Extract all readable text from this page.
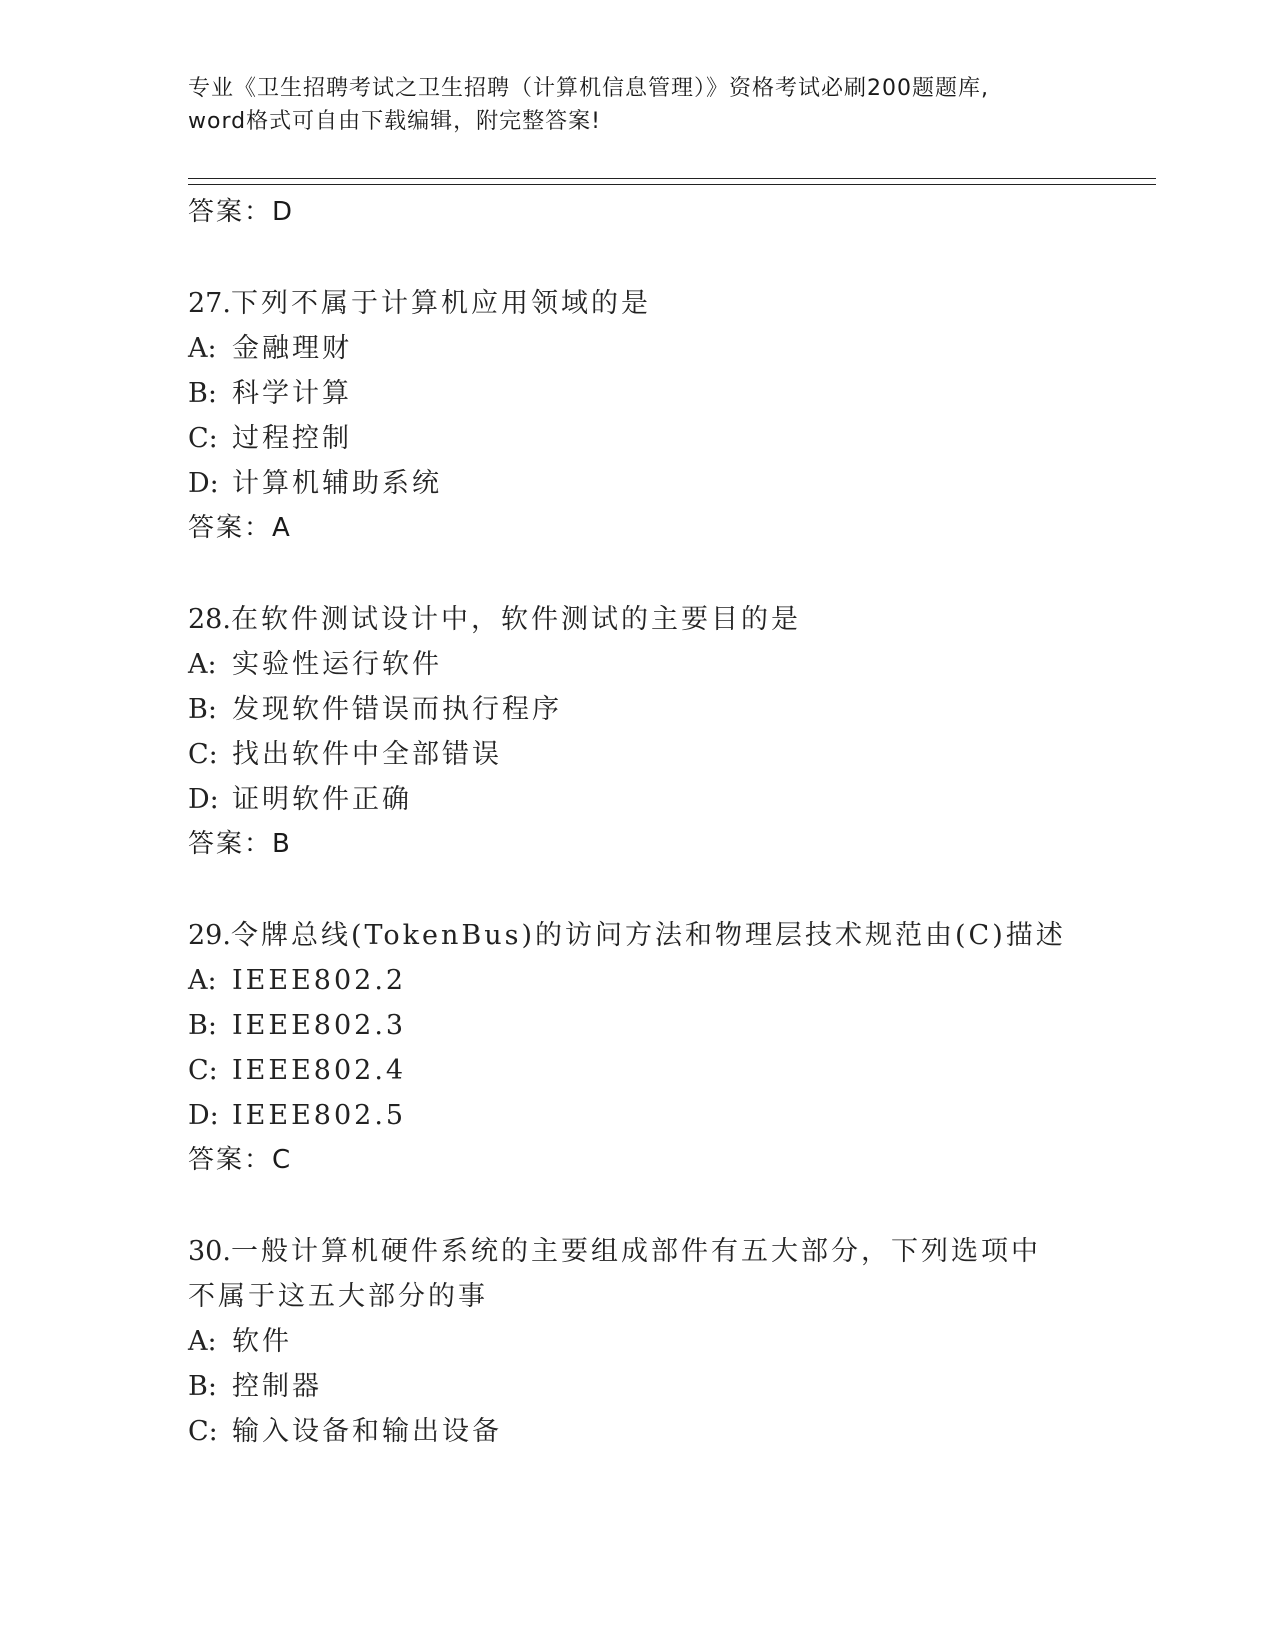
专业《卫生招聘考试之卫生招聘（计算机信息管理）》资格考试必刷200题题库,
word格式可自由下载编辑，附完整答案!
答案：D
27.下列不属于计算机应用领域的是
A: 金融理财
B: 科学计算
C: 过程控制
D: 计算机辅助系统
答案：A
28.在软件测试设计中，软件测试的主要目的是
A: 实验性运行软件
B: 发现软件错误而执行程序
C: 找出软件中全部错误
D: 证明软件正确
答案：B
29.令牌总线(TokenBus)的访问方法和物理层技术规范由(C)描述
A: IEEE802.2
B: IEEE802.3
C: IEEE802.4
D: IEEE802.5
答案：C
30.一般计算机硬件系统的主要组成部件有五大部分，下列选项中不属于这五大部分的事
A: 软件
B: 控制器
C: 输入设备和输出设备
